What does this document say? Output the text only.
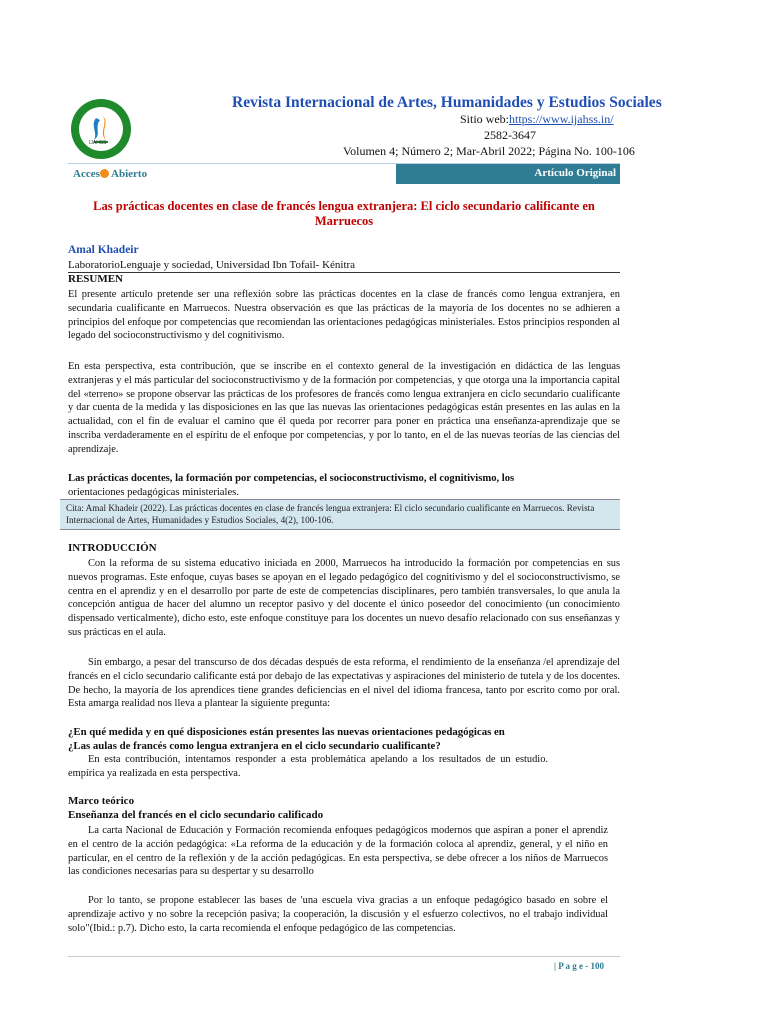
IJAHSS
Revista Internacional de Artes, Humanidades y Estudios Sociales
Sitio web:https://www.ijahss.in/
2582-3647
Volumen 4; Número 2; Mar-Abril 2022; Página No. 100-106
Acces Abierto	Artículo Original
Las prácticas docentes en clase de francés lengua extranjera: El ciclo secundario calificante en Marruecos
Amal Khadeir
LaboratorioLenguaje y sociedad, Universidad Ibn Tofail- Kénitra
RESUMEN

El presente artículo pretende ser una reflexión sobre las prácticas docentes en la clase de francés como lengua extranjera, en secundaria cualificante en Marruecos. Nuestra observación es que las prácticas de la mayoría de los docentes no se adhieren a principios del enfoque por competencias que recomiendan las orientaciones pedagógicas ministeriales. Estos principios responden al legado del socioconstructivismo y del cognitivismo.

En esta perspectiva, esta contribución, que se inscribe en el contexto general de la investigación en didáctica de las lenguas extranjeras y el más particular del socioconstructivismo y de la formación por competencias, y que otorga una la importancia capital del «terreno» se propone observar las prácticas de los profesores de francés como lengua extranjera en ciclo secundario cualificante y dar cuenta de la medida y las disposiciones en las que las nuevas las orientaciones pedagógicas están presentes en las aulas en la actualidad, con el fin de evaluar el camino que él queda por recorrer para poner en práctica una enseñanza-aprendizaje que se inscriba verdaderamente en el espíritu de el enfoque por competencias, y por lo tanto, en el de las nuevas teorías de las ciencias del aprendizaje.

Las prácticas docentes, la formación por competencias, el socioconstructivismo, el cognitivismo, los
orientaciones pedagógicas ministeriales.
Cita: Amal Khadeir (2022). Las prácticas docentes en clase de francés lengua extranjera: El ciclo secundario cualificante en Marruecos. Revista Internacional de Artes, Humanidades y Estudios Sociales, 4(2), 100-106.
INTRODUCCIÓN

Con la reforma de su sistema educativo iniciada en 2000, Marruecos ha introducido la formación por competencias en sus nuevos programas. Este enfoque, cuyas bases se apoyan en el legado pedagógico del cognitivismo y del el socioconstructivismo, se centra en el aprendiz y en el desarrollo por parte de este de competencias disciplinares, pero también transversales, lo que anula la concepción antigua de hacer del alumno un receptor pasivo y del docente el único poseedor del conocimiento (un conocimiento dispensado verticalmente), dicho esto, este enfoque constituye para los docentes un nuevo desafío relacionado con sus enseñanzas y sus prácticas en el aula.

Sin embargo, a pesar del transcurso de dos décadas después de esta reforma, el rendimiento de la enseñanza /el aprendizaje del francés en el ciclo secundario calificante está por debajo de las expectativas y aspiraciones del ministerio de tutela y de los docentes. De hecho, la mayoría de los aprendices tiene grandes deficiencias en el nivel del idioma francesa, tanto por escrito como por oral. Esta amarga realidad nos lleva a plantear la siguiente pregunta:

¿En qué medida y en qué disposiciones están presentes las nuevas orientaciones pedagógicas en
¿Las aulas de francés como lengua extranjera en el ciclo secundario cualificante?

En esta contribución, intentamos responder a esta problemática apelando a los resultados de un estudio. empírica ya realizada en esta perspectiva.

Marco teórico
Enseñanza del francés en el ciclo secundario calificado

La carta Nacional de Educación y Formación recomienda enfoques pedagógicos modernos que aspiran a poner el aprendiz en el centro de la acción pedagógica: «La reforma de la educación y de la formación coloca al aprendiz, general, y el niño en particular, en el centro de la reflexión y de la acción pedagógicas. En esta perspectiva, se debe ofrecer a los niños de Marruecos las condiciones necesarias para su despertar y su desarrollo

Por lo tanto, se propone establecer las bases de 'una escuela viva gracias a un enfoque pedagógico basado en sobre el aprendizaje activo y no sobre la recepción pasiva; la cooperación, la discusión y el esfuerzo colectivos, no el trabajo individual solo"(Ibid.: p.7). Dicho esto, la carta recomienda el enfoque pedagógico de las competencias.

| P a g e - 100
